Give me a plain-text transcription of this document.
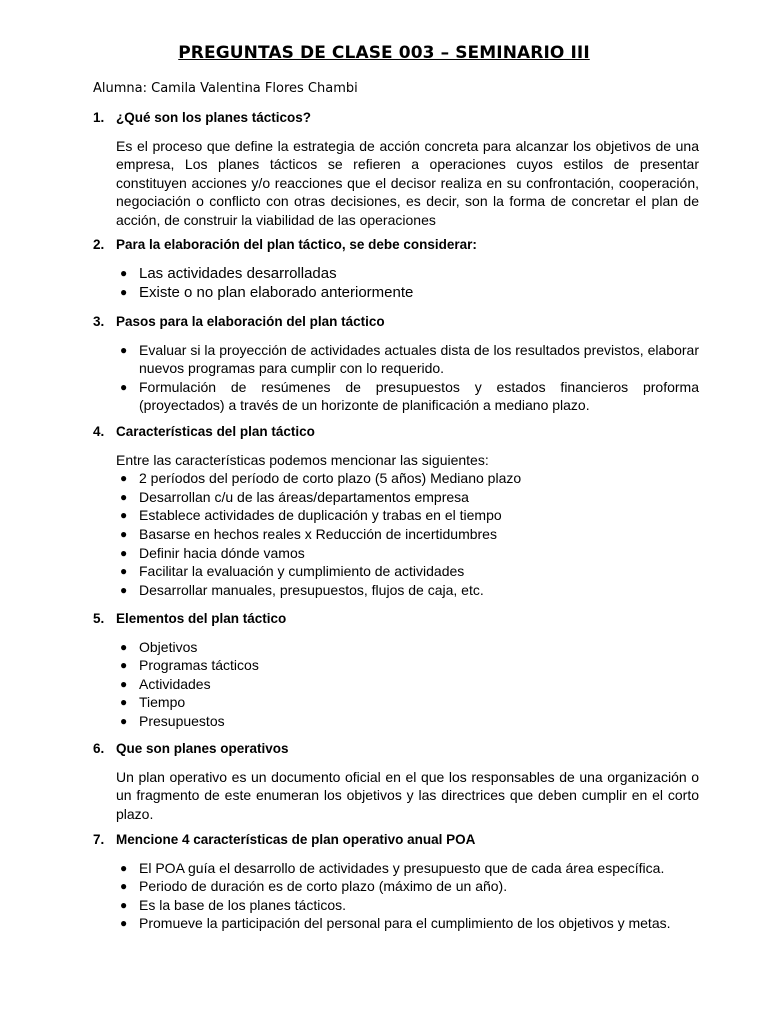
PREGUNTAS DE CLASE 003 – SEMINARIO III
Alumna: Camila Valentina Flores Chambi
1. ¿Qué son los planes tácticos?
Es el proceso que define la estrategia de acción concreta para alcanzar los objetivos de una empresa, Los planes tácticos se refieren a operaciones cuyos estilos de presentar constituyen acciones y/o reacciones que el decisor realiza en su confrontación, cooperación, negociación o conflicto con otras decisiones, es decir, son la forma de concretar el plan de acción, de construir la viabilidad de las operaciones
2. Para la elaboración del plan táctico, se debe considerar:
● Las actividades desarrolladas
● Existe o no plan elaborado anteriormente
3. Pasos para la elaboración del plan táctico
● Evaluar si la proyección de actividades actuales dista de los resultados previstos, elaborar nuevos programas para cumplir con lo requerido.
● Formulación de resúmenes de presupuestos y estados financieros proforma (proyectados) a través de un horizonte de planificación a mediano plazo.
4. Características del plan táctico
Entre las características podemos mencionar las siguientes:
● 2 períodos del período de corto plazo (5 años) Mediano plazo
● Desarrollan c/u de las áreas/departamentos empresa
● Establece actividades de duplicación y trabas en el tiempo
● Basarse en hechos reales x Reducción de incertidumbres
● Definir hacia dónde vamos
● Facilitar la evaluación y cumplimiento de actividades
● Desarrollar manuales, presupuestos, flujos de caja, etc.
5. Elementos del plan táctico
● Objetivos
● Programas tácticos
● Actividades
● Tiempo
● Presupuestos
6. Que son planes operativos
Un plan operativo es un documento oficial en el que los responsables de una organización o un fragmento de este enumeran los objetivos y las directrices que deben cumplir en el corto plazo.
7. Mencione 4 características de plan operativo anual POA
● El POA guía el desarrollo de actividades y presupuesto que de cada área específica.
● Periodo de duración es de corto plazo (máximo de un año).
● Es la base de los planes tácticos.
● Promueve la participación del personal para el cumplimiento de los objetivos y metas.
